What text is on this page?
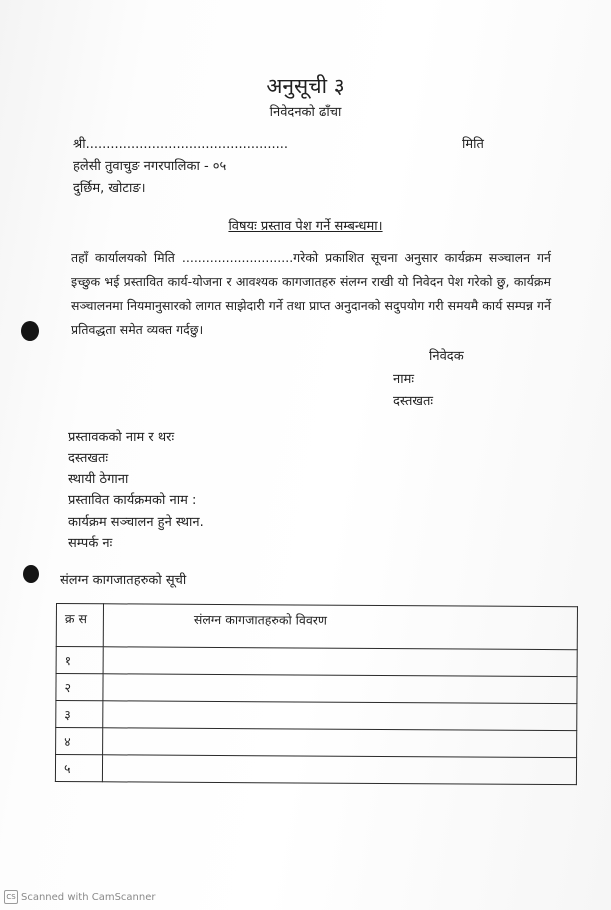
अनुसूची ३
निवेदनको ढाँचा
श्री.................................................	मिति
हलेसी तुवाचुङ नगरपालिका - ०५
दुर्छिम, खोटाङ।
विषयः प्रस्ताव पेश गर्ने सम्बन्धमा।
तहाँ कार्यालयको मिति ............................गरेको प्रकाशित सूचना अनुसार कार्यक्रम सञ्चालन गर्न इच्छुक भई प्रस्तावित कार्य-योजना र आवश्यक कागजातहरु संलग्न राखी यो निवेदन पेश गरेको छु, कार्यक्रम सञ्चालनमा नियमानुसारको लागत साझेदारी गर्ने तथा प्राप्त अनुदानको सदुपयोग गरी समयमै कार्य सम्पन्न गर्ने प्रतिवद्धता समेत व्यक्त गर्दछु।
निवेदक
नामः
दस्तखतः
प्रस्तावकको नाम र थरः
दस्तखतः
स्थायी ठेगाना
प्रस्तावित कार्यक्रमको नाम :
कार्यक्रम सञ्चालन हुने स्थान.
सम्पर्क नः
संलग्न कागजातहरुको सूची
क्र स	संलग्न कागजातहरुको विवरण
१	
२	
३	
४	
५	
CS Scanned with CamScanner
